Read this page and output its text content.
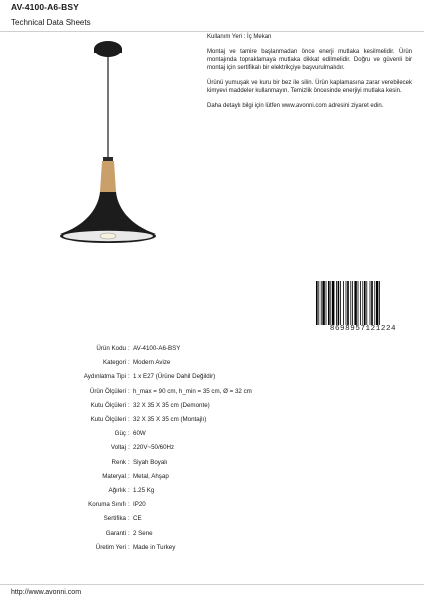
AV-4100-A6-BSY
Technical Data Sheets

Kullanım Yeri : İç Mekan

Montaj ve tamire başlanmadan önce enerji mutlaka kesilmelidir. Ürün montajında topraklamaya mutlaka dikkat edilmelidir. Doğru ve güvenli bir montaj için sertifikalı bir elektrikçiye başvurulmalıdır.

Ürünü yumuşak ve kuru bir bez ile silin. Ürün kaplamasına zarar verebilecek kimyevi maddeler kullanmayın. Temizlik öncesinde enerjiyi mutlaka kesin.

Daha detaylı bilgi için lütfen www.avonni.com adresini ziyaret edin.

8698957121224
Ürün Kodu : AV-4100-A6-BSY
Kategori : Modern Avize
Aydınlatma Tipi : 1 x E27 (Ürüne Dahil Değildir)
Ürün Ölçüleri : h_max = 90 cm, h_min = 35 cm, Ø = 32 cm
Kutu Ölçüleri : 32 X 35 X 35 cm (Demonte)
Kutu Ölçüleri : 32 X 35 X 35 cm (Montajlı)
Güç : 60W
Voltaj : 220V~50/60Hz
Renk : Siyah Boyalı
Materyal : Metal, Ahşap
Ağırlık : 1.25 Kg
Koruma Sınıfı : IP20
Sertifika : CE
Garanti : 2 Sene
Üretim Yeri : Made in Turkey
http://www.avonni.com
